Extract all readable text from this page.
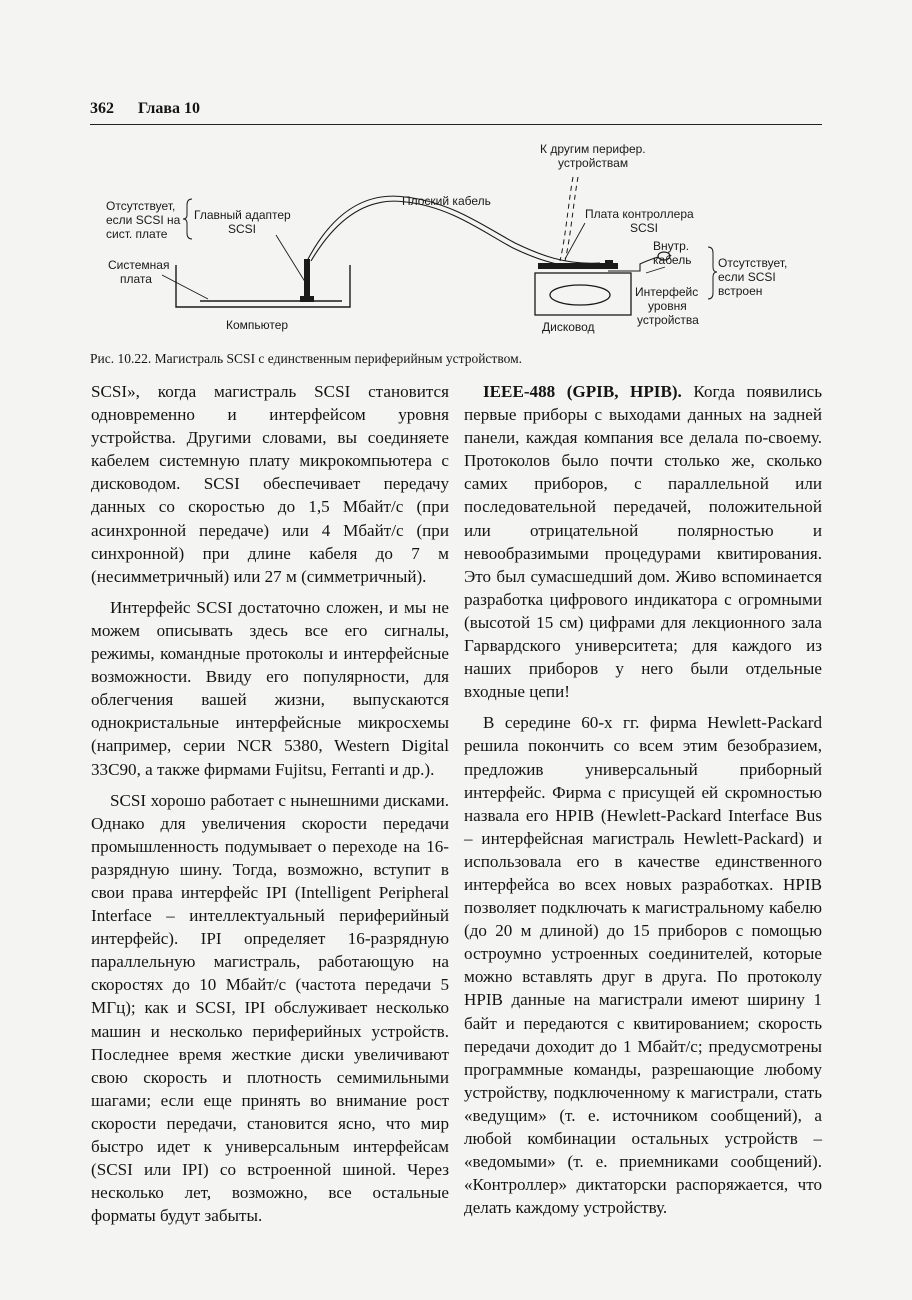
362 Глава 10
К другим перифер.
устройствам
Отсутствует,
если SCSI на
сист. плате
Главный адаптер
SCSI
Плоский кабель
Плата контроллера
SCSI
Внутр.
кабель Отсутствует,
если SCSI
встроен
Интерфейс
уровня
устройства
Системная
плата
Компьютер	Дисковод
Рис. 10.22. Магистраль SCSI с единственным периферийным устройством.

SCSI», когда магистраль SCSI становится одновременно и интерфейсом уровня устройства. Другими словами, вы соединяете кабелем системную плату микрокомпьютера с дисководом. SCSI обеспечивает передачу данных со скоростью до 1,5 Мбайт/с (при асинхронной передаче) или 4 Мбайт/с (при синхронной) при длине кабеля до 7 м (несимметричный) или 27 м (симметричный).

Интерфейс SCSI достаточно сложен, и мы не можем описывать здесь все его сигналы, режимы, командные протоколы и интерфейсные возможности. Ввиду его популярности, для облегчения вашей жизни, выпускаются однокристальные интерфейсные микросхемы (например, серии NCR 5380, Western Digital 33C90, а также фирмами Fujitsu, Ferranti и др.).

SCSI хорошо работает с нынешними дисками. Однако для увеличения скорости передачи промышленность подумывает о переходе на 16-разрядную шину. Тогда, возможно, вступит в свои права интерфейс IPI (Intelligent Peripheral Interface – интеллектуальный периферийный интерфейс). IPI определяет 16-разрядную параллельную магистраль, работающую на скоростях до 10 Мбайт/с (частота передачи 5 МГц); как и SCSI, IPI обслуживает несколько машин и несколько периферийных устройств. Последнее время жесткие диски увеличивают свою скорость и плотность семимильными шагами; если еще принять во внимание рост скорости передачи, становится ясно, что мир быстро идет к универсальным интерфейсам (SCSI или IPI) со встроенной шиной. Через несколько лет, возможно, все остальные форматы будут забыты.

IEEE-488 (GPIB, HPIB). Когда появились первые приборы с выходами данных на задней панели, каждая компания все делала по-своему. Протоколов было почти столько же, сколько самих приборов, с параллельной или последовательной передачей, положительной или отрицательной полярностью и невообразимыми процедурами квитирования. Это был сумасшедший дом. Живо вспоминается разработка цифрового индикатора с огромными (высотой 15 см) цифрами для лекционного зала Гарвардского университета; для каждого из наших приборов у него были отдельные входные цепи!

В середине 60-х гг. фирма Hewlett-Packard решила покончить со всем этим безобразием, предложив универсальный приборный интерфейс. Фирма с присущей ей скромностью назвала его HPIB (Hewlett-Packard Interface Bus – интерфейсная магистраль Hewlett-Packard) и использовала его в качестве единственного интерфейса во всех новых разработках. HPIB позволяет подключать к магистральному кабелю (до 20 м длиной) до 15 приборов с помощью остроумно устроенных соединителей, которые можно вставлять друг в друга. По протоколу HPIB данные на магистрали имеют ширину 1 байт и передаются с квитированием; скорость передачи доходит до 1 Мбайт/с; предусмотрены программные команды, разрешающие любому устройству, подключенному к магистрали, стать «ведущим» (т. е. источником сообщений), а любой комбинации остальных устройств – «ведомыми» (т. е. приемниками сообщений). «Контроллер» диктаторски распоряжается, что делать каждому устройству.
